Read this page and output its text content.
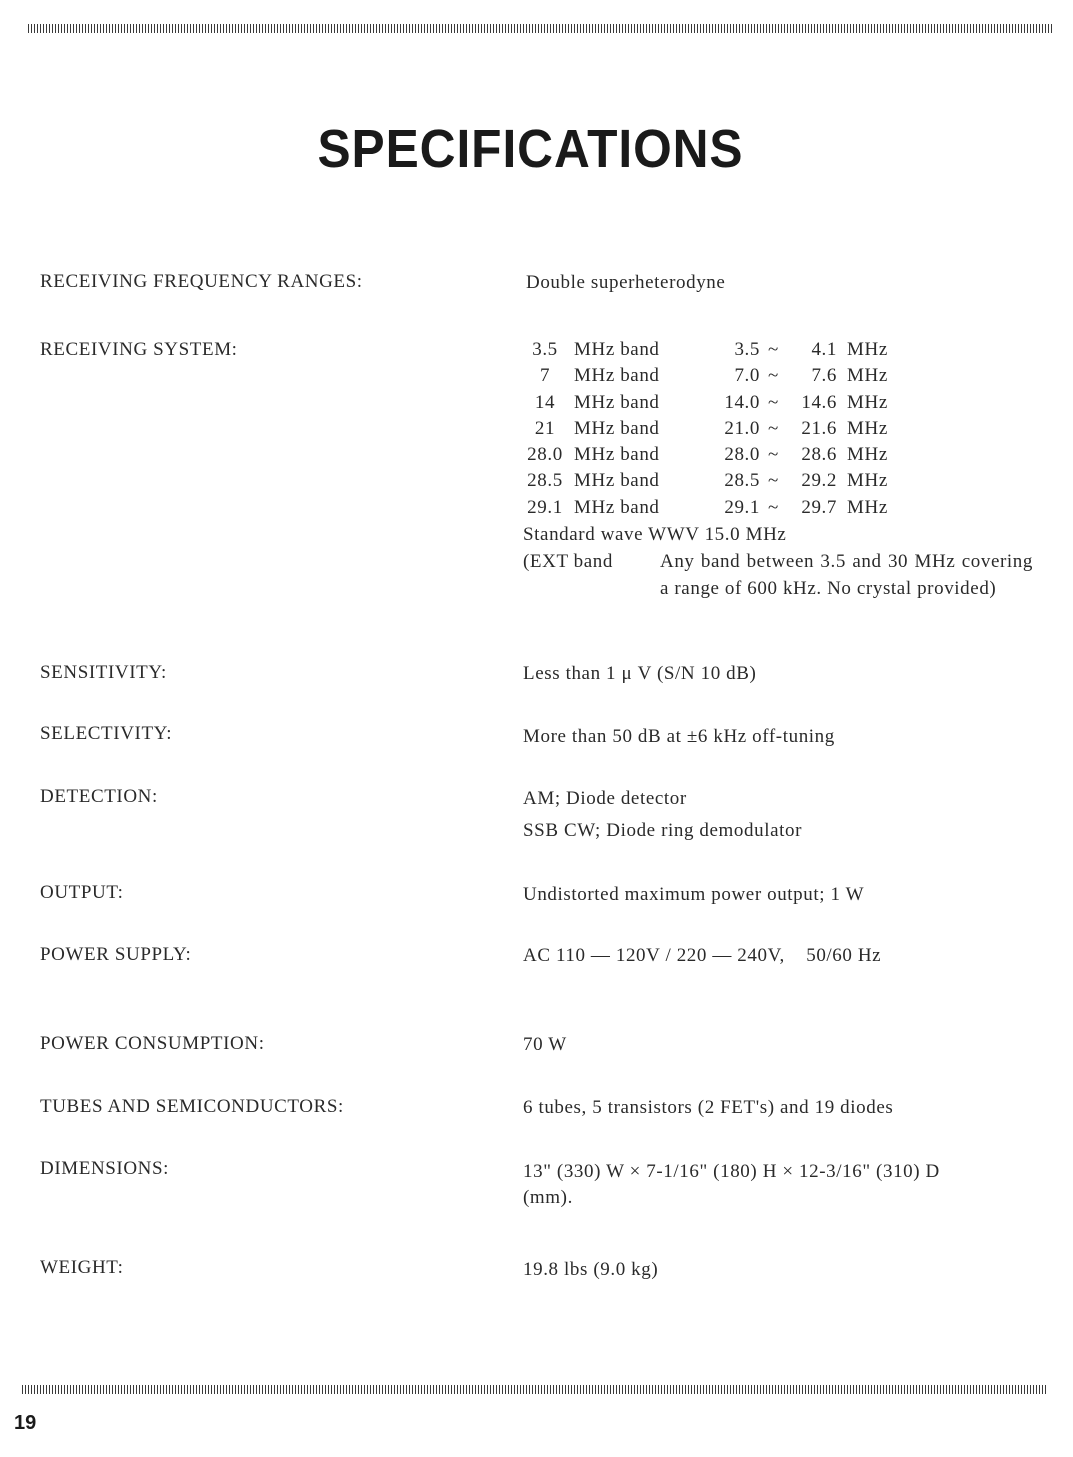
SPECIFICATIONS
RECEIVING FREQUENCY RANGES:	Double superheterodyne
RECEIVING SYSTEM:	3.5 MHz band	3.5 ~	4.1 MHz
7	MHz band	7.0 ~	7.6 MHz
14 MHz band	14.0 ~	14.6 MHz
21 MHz band	21.0 ~	21.6 MHz
28.0 MHz band	28.0 ~	28.6 MHz
28.5 MHz band	28.5 ~	29.2 MHz
29.1 MHz band	29.1 ~	29.7 MHz
Standard wave WWV 15.0 MHz
(EXT band Any band between 3.5 and 30 MHz covering a range of 600 kHz. No crystal provided)
SENSITIVITY:	Less than 1 μ V (S/N 10 dB)
SELECTIVITY:	More than 50 dB at ±6 kHz off-tuning
DETECTION:	AM; Diode detector
SSB CW; Diode ring demodulator
OUTPUT:	Undistorted maximum power output; 1 W
POWER SUPPLY:	AC 110 — 120V / 220 — 240V,    50/60 Hz
POWER CONSUMPTION:	70 W
TUBES AND SEMICONDUCTORS:	6 tubes, 5 transistors (2 FET's) and 19 diodes
DIMENSIONS:	13" (330) W × 7-1/16" (180) H × 12-3/16" (310) D
(mm).
WEIGHT:	19.8 lbs (9.0 kg)
19
